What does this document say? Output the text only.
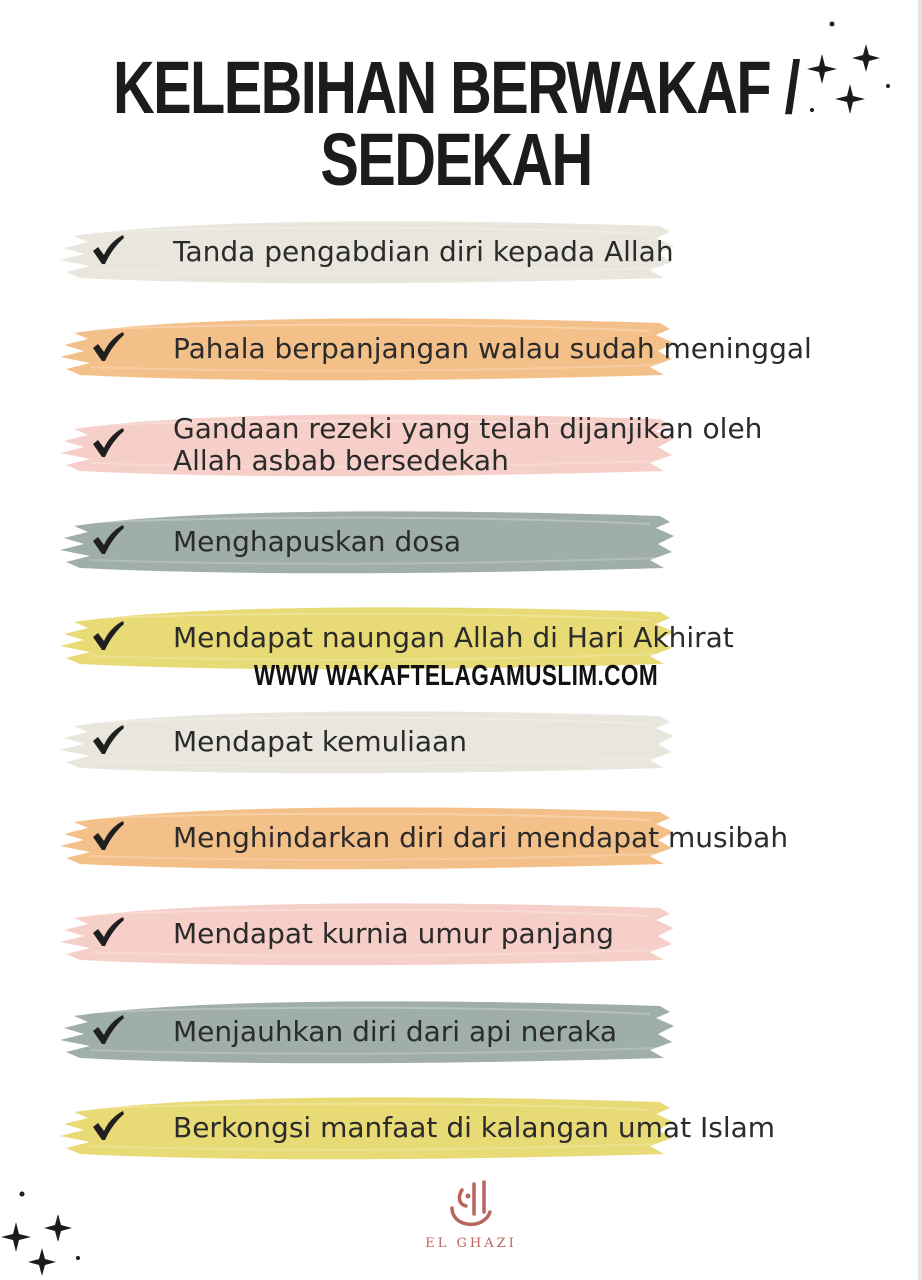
KELEBIHAN BERWAKAF /
SEDEKAH
Tanda pengabdian diri kepada Allah
Pahala berpanjangan walau sudah meninggal
Gandaan rezeki yang telah dijanjikan oleh
Allah asbab bersedekah
Menghapuskan dosa
Mendapat naungan Allah di Hari Akhirat
Mendapat kemuliaan
Menghindarkan diri dari mendapat musibah
Mendapat kurnia umur panjang
Menjauhkan diri dari api neraka
Berkongsi manfaat di kalangan umat Islam
WWW WAKAFTELAGAMUSLIM.COM
EL GHAZI
